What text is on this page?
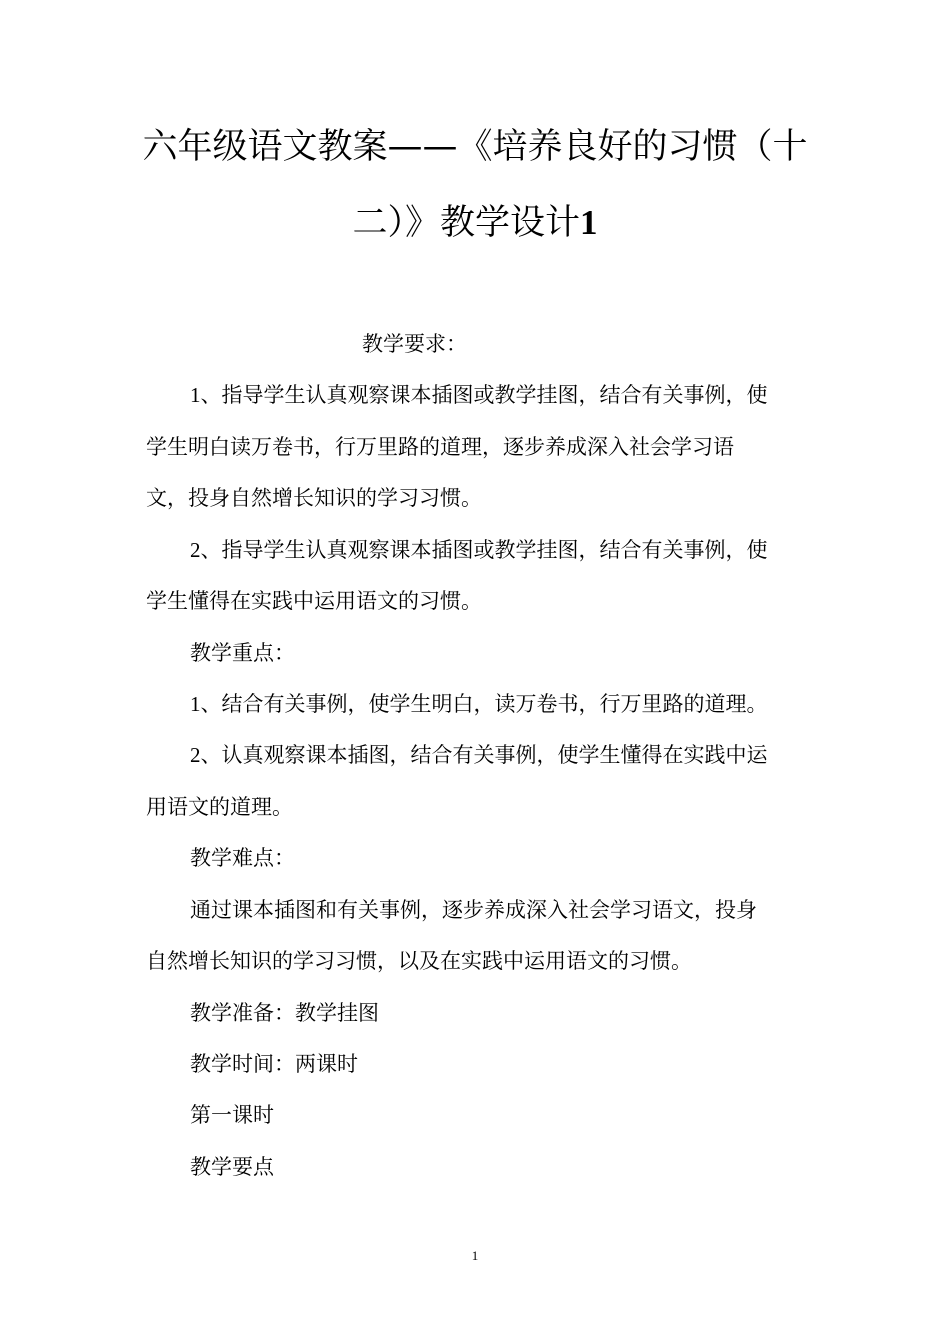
六年级语文教案——《培养良好的习惯（十
二）》教学设计1
教学要求：
1、指导学生认真观察课本插图或教学挂图，结合有关事例，使
学生明白读万卷书，行万里路的道理，逐步养成深入社会学习语
文，投身自然增长知识的学习习惯。
2、指导学生认真观察课本插图或教学挂图，结合有关事例，使
学生懂得在实践中运用语文的习惯。
教学重点：
1、结合有关事例，使学生明白，读万卷书，行万里路的道理。
2、认真观察课本插图，结合有关事例，使学生懂得在实践中运
用语文的道理。
教学难点：
通过课本插图和有关事例，逐步养成深入社会学习语文，投身
自然增长知识的学习习惯，以及在实践中运用语文的习惯。
教学准备：教学挂图
教学时间：两课时
第一课时
教学要点
1
